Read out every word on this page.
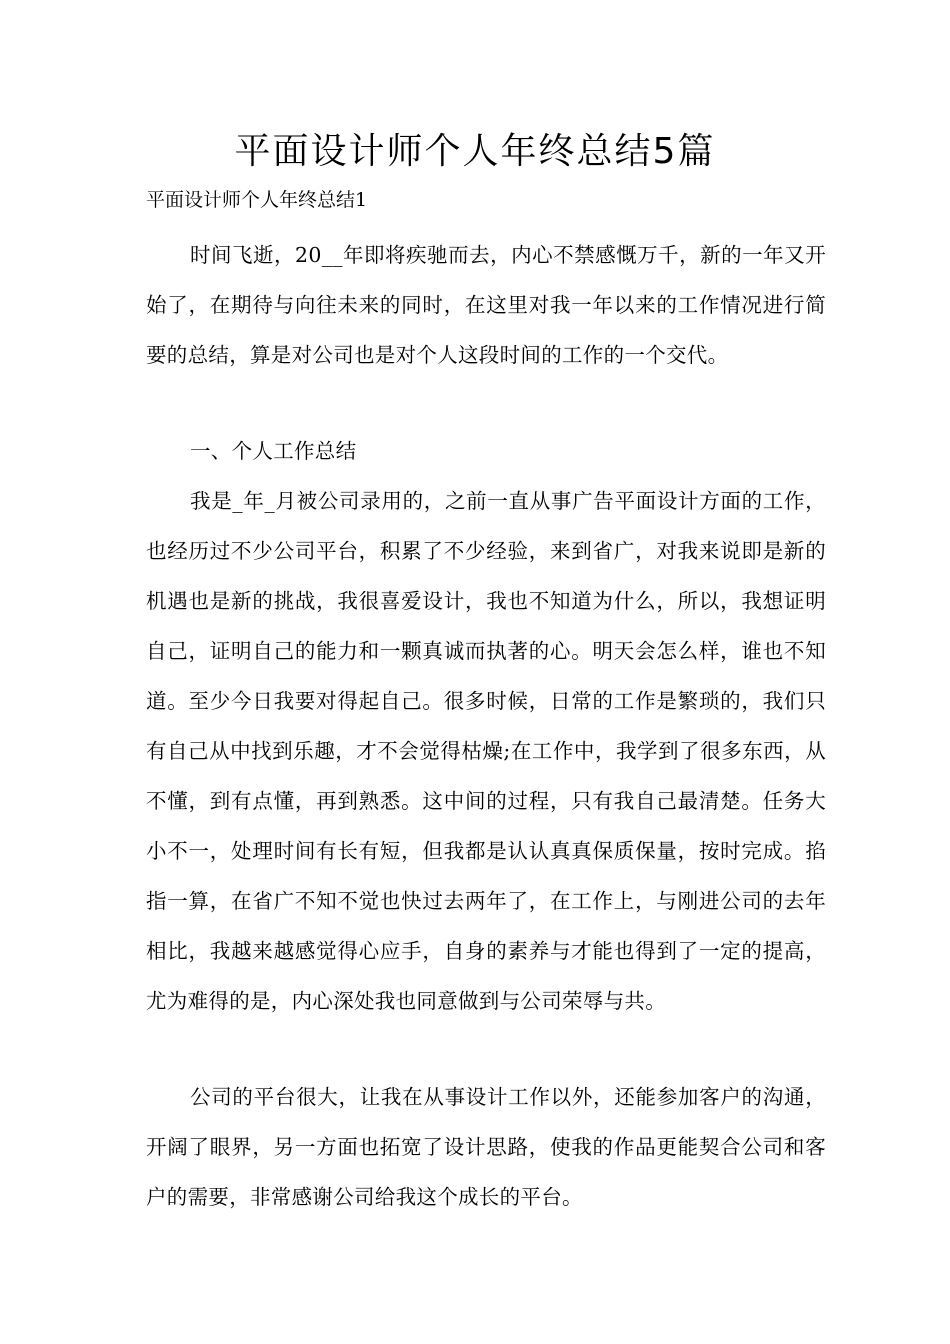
平面设计师个人年终总结5篇

平面设计师个人年终总结1

时间飞逝，20__年即将疾驰而去，内心不禁感慨万千，新的一年又开始了，在期待与向往未来的同时，在这里对我一年以来的工作情况进行简要的总结，算是对公司也是对个人这段时间的工作的一个交代。

一、个人工作总结

我是_年_月被公司录用的，之前一直从事广告平面设计方面的工作，也经历过不少公司平台，积累了不少经验，来到省广，对我来说即是新的机遇也是新的挑战，我很喜爱设计，我也不知道为什么，所以，我想证明自己，证明自己的能力和一颗真诚而执著的心。明天会怎么样，谁也不知道。至少今日我要对得起自己。很多时候，日常的工作是繁琐的，我们只有自己从中找到乐趣，才不会觉得枯燥;在工作中，我学到了很多东西，从不懂，到有点懂，再到熟悉。这中间的过程，只有我自己最清楚。任务大小不一，处理时间有长有短，但我都是认认真真保质保量，按时完成。掐指一算，在省广不知不觉也快过去两年了，在工作上，与刚进公司的去年相比，我越来越感觉得心应手，自身的素养与才能也得到了一定的提高，尤为难得的是，内心深处我也同意做到与公司荣辱与共。

公司的平台很大，让我在从事设计工作以外，还能参加客户的沟通，开阔了眼界，另一方面也拓宽了设计思路，使我的作品更能契合公司和客户的需要，非常感谢公司给我这个成长的平台。
